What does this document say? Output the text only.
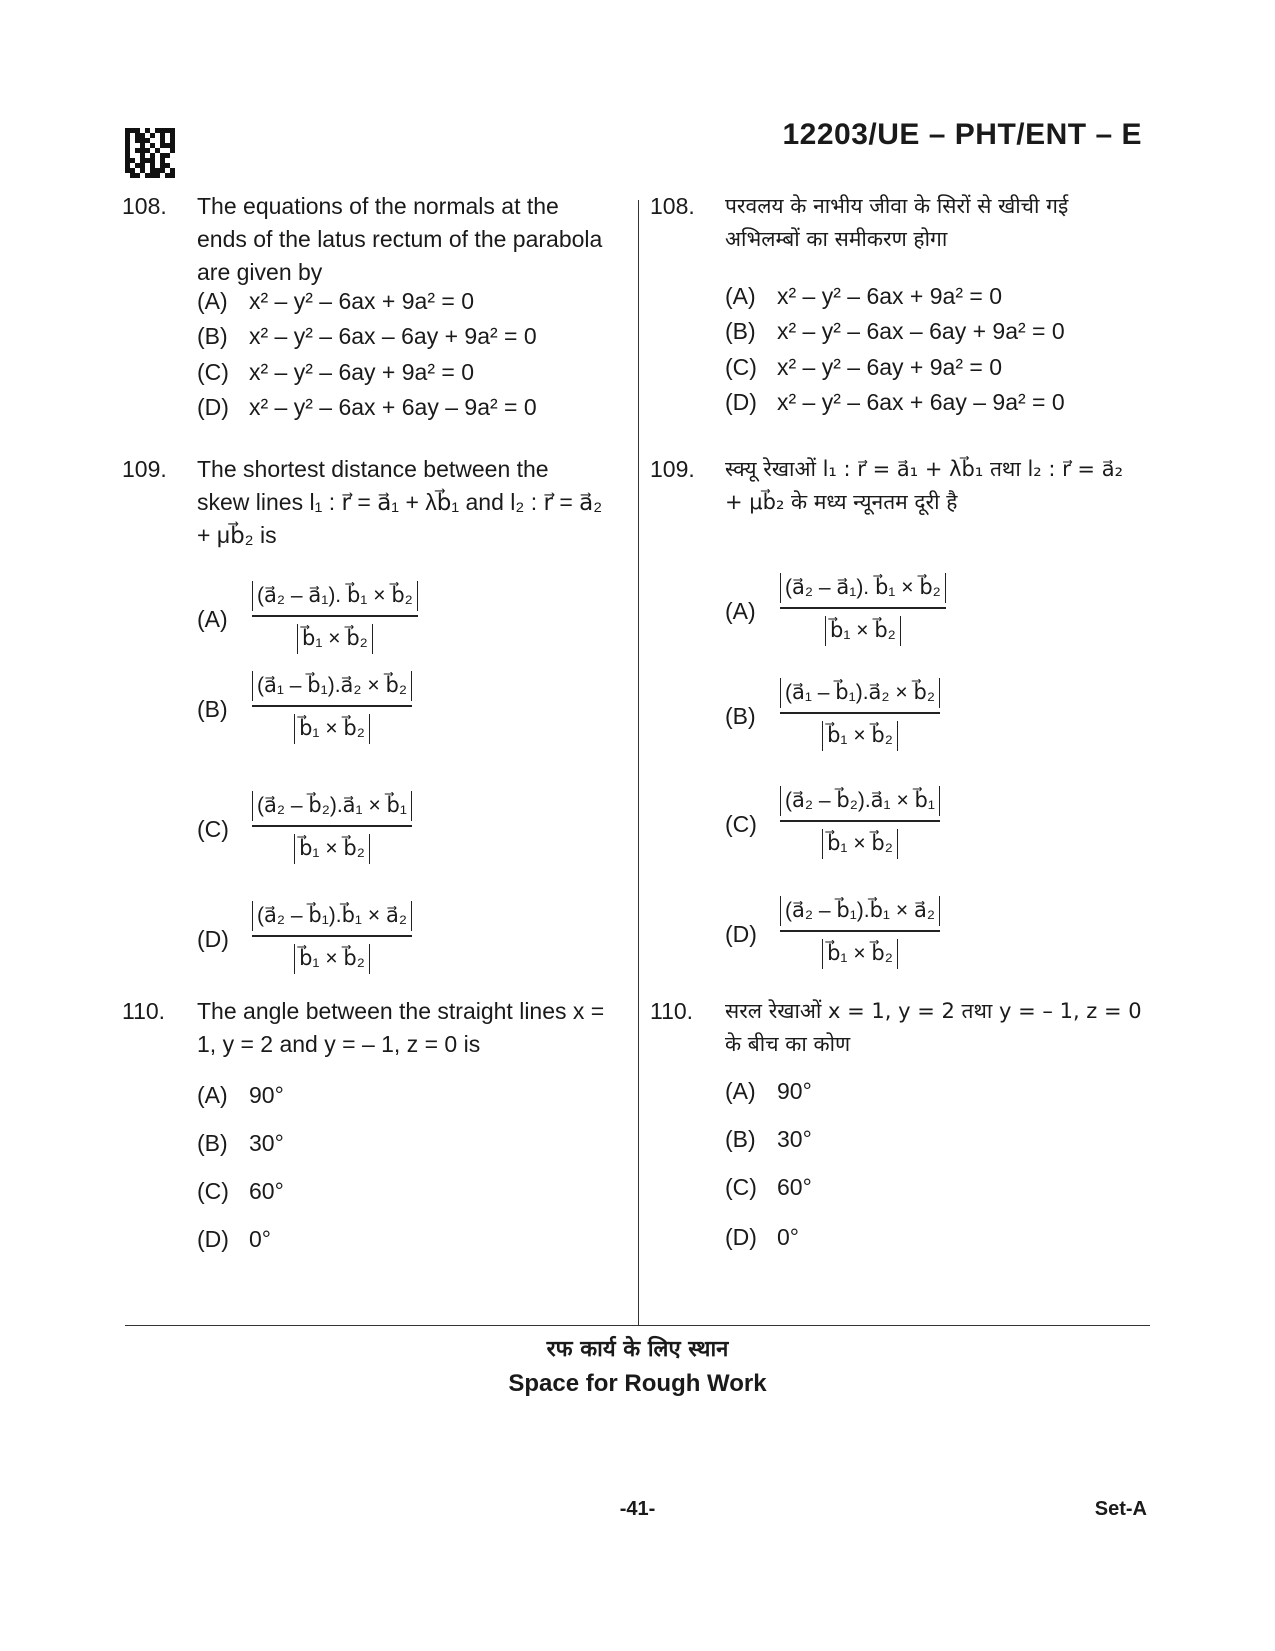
12203/UE – PHT/ENT – E
108. The equations of the normals at the ends of the latus rectum of the parabola are given by
(A) x² – y² – 6ax + 9a² = 0
(B) x² – y² – 6ax – 6ay + 9a² = 0
(C) x² – y² – 6ay + 9a² = 0
(D) x² – y² – 6ax + 6ay – 9a² = 0
109. The shortest distance between the skew lines l₁ : r⃗ = a⃗₁ + λb⃗₁ and l₂ : r⃗ = a⃗₂ + μb⃗₂ is
(A)
(a⃗₂ – a⃗₁). b⃗₁ × b⃗₂
b⃗₁ × b⃗₂
(B)
(a⃗₁ – b⃗₁).a⃗₂ × b⃗₂
b⃗₁ × b⃗₂
(C)
(a⃗₂ – b⃗₂).a⃗₁ × b⃗₁
b⃗₁ × b⃗₂
(D)
(a⃗₂ – b⃗₁).b⃗₁ × a⃗₂
b⃗₁ × b⃗₂
110. The angle between the straight lines x = 1, y = 2 and y = – 1, z = 0 is
(A) 90°
(B) 30°
(C) 60°
(D) 0°
108. परवलय के नाभीय जीवा के सिरों से खीची गई अभिलम्बों का समीकरण होगा
(A) x² – y² – 6ax + 9a² = 0
(B) x² – y² – 6ax – 6ay + 9a² = 0
(C) x² – y² – 6ay + 9a² = 0
(D) x² – y² – 6ax + 6ay – 9a² = 0
109. स्क्यू रेखाओं l₁ : r⃗ = a⃗₁ + λb⃗₁ तथा l₂ : r⃗ = a⃗₂ + μb⃗₂ के मध्य न्यूनतम दूरी है
(A)
(a⃗₂ – a⃗₁). b⃗₁ × b⃗₂
b⃗₁ × b⃗₂
(B)
(a⃗₁ – b⃗₁).a⃗₂ × b⃗₂
b⃗₁ × b⃗₂
(C)
(a⃗₂ – b⃗₂).a⃗₁ × b⃗₁
b⃗₁ × b⃗₂
(D)
(a⃗₂ – b⃗₁).b⃗₁ × a⃗₂
b⃗₁ × b⃗₂
110. सरल रेखाओं x = 1, y = 2 तथा y = – 1, z = 0 के बीच का कोण
(A) 90°
(B) 30°
(C) 60°
(D) 0°
रफ कार्य के लिए स्थान
Space for Rough Work
-41-	Set-A
